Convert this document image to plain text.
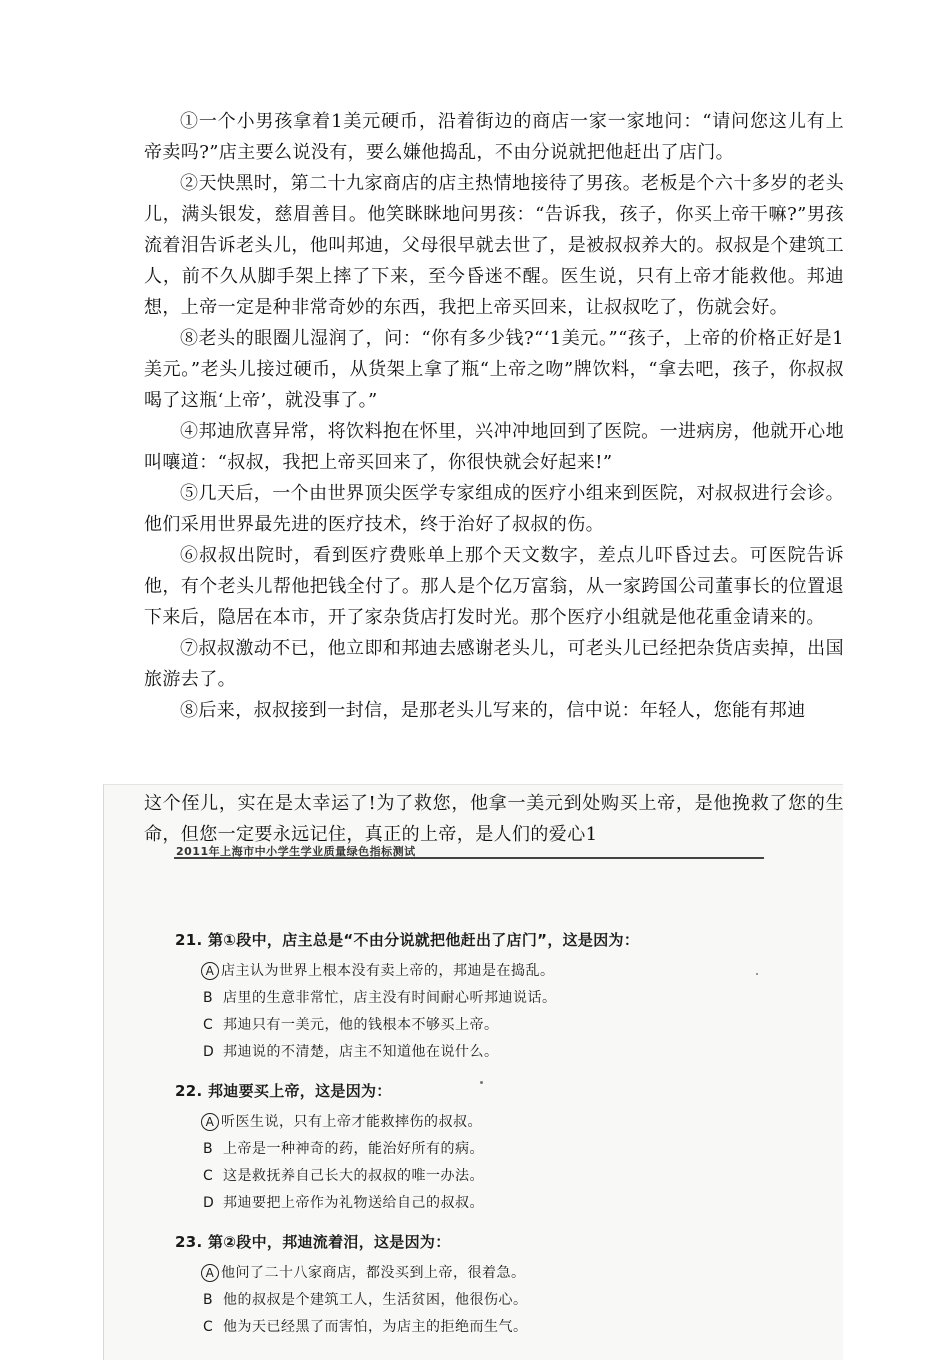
①一个小男孩拿着1美元硬币，沿着街边的商店一家一家地问：“请问您这儿有上帝卖吗?”店主要么说没有，要么嫌他捣乱，不由分说就把他赶出了店门。

②天快黑时，第二十九家商店的店主热情地接待了男孩。老板是个六十多岁的老头儿，满头银发，慈眉善目。他笑眯眯地问男孩：“告诉我，孩子，你买上帝干嘛?”男孩流着泪告诉老头儿，他叫邦迪，父母很早就去世了，是被叔叔养大的。叔叔是个建筑工人，前不久从脚手架上摔了下来，至今昏迷不醒。医生说，只有上帝才能救他。邦迪想，上帝一定是种非常奇妙的东西，我把上帝买回来，让叔叔吃了，伤就会好。

⑧老头的眼圈儿湿润了，问：“你有多少钱?“‘1美元。”“孩子，上帝的价格正好是1美元。”老头儿接过硬币，从货架上拿了瓶“上帝之吻”牌饮料，“拿去吧，孩子，你叔叔喝了这瓶‘上帝’，就没事了。”

④邦迪欣喜异常，将饮料抱在怀里，兴冲冲地回到了医院。一进病房，他就开心地叫嚷道：“叔叔，我把上帝买回来了，你很快就会好起来!”

⑤几天后，一个由世界顶尖医学专家组成的医疗小组来到医院，对叔叔进行会诊。他们采用世界最先进的医疗技术，终于治好了叔叔的伤。

⑥叔叔出院时，看到医疗费账单上那个天文数字，差点儿吓昏过去。可医院告诉他，有个老头儿帮他把钱全付了。那人是个亿万富翁，从一家跨国公司董事长的位置退下来后，隐居在本市，开了家杂货店打发时光。那个医疗小组就是他花重金请来的。

⑦叔叔激动不已，他立即和邦迪去感谢老头儿，可老头儿已经把杂货店卖掉，出国旅游去了。

⑧后来，叔叔接到一封信，是那老头儿写来的，信中说：年轻人，您能有邦迪

这个侄儿，实在是太幸运了!为了救您，他拿一美元到处购买上帝，是他挽救了您的生命，但您一定要永远记住，真正的上帝，是人们的爱心1

2011年上海市中小学生学业质量绿色指标测试
21. 第①段中，店主总是“不由分说就把他赶出了店门”，这是因为：
A 店主认为世界上根本没有卖上帝的，邦迪是在捣乱。
B 店里的生意非常忙，店主没有时间耐心听邦迪说话。
C 邦迪只有一美元，他的钱根本不够买上帝。
D 邦迪说的不清楚，店主不知道他在说什么。
22. 邦迪要买上帝，这是因为：
A 听医生说，只有上帝才能救摔伤的叔叔。
B 上帝是一种神奇的药，能治好所有的病。
C 这是救抚养自己长大的叔叔的唯一办法。
D 邦迪要把上帝作为礼物送给自己的叔叔。
23. 第②段中，邦迪流着泪，这是因为：
A 他问了二十八家商店，都没买到上帝，很着急。
B 他的叔叔是个建筑工人，生活贫困，他很伤心。
C 他为天已经黑了而害怕，为店主的拒绝而生气。
